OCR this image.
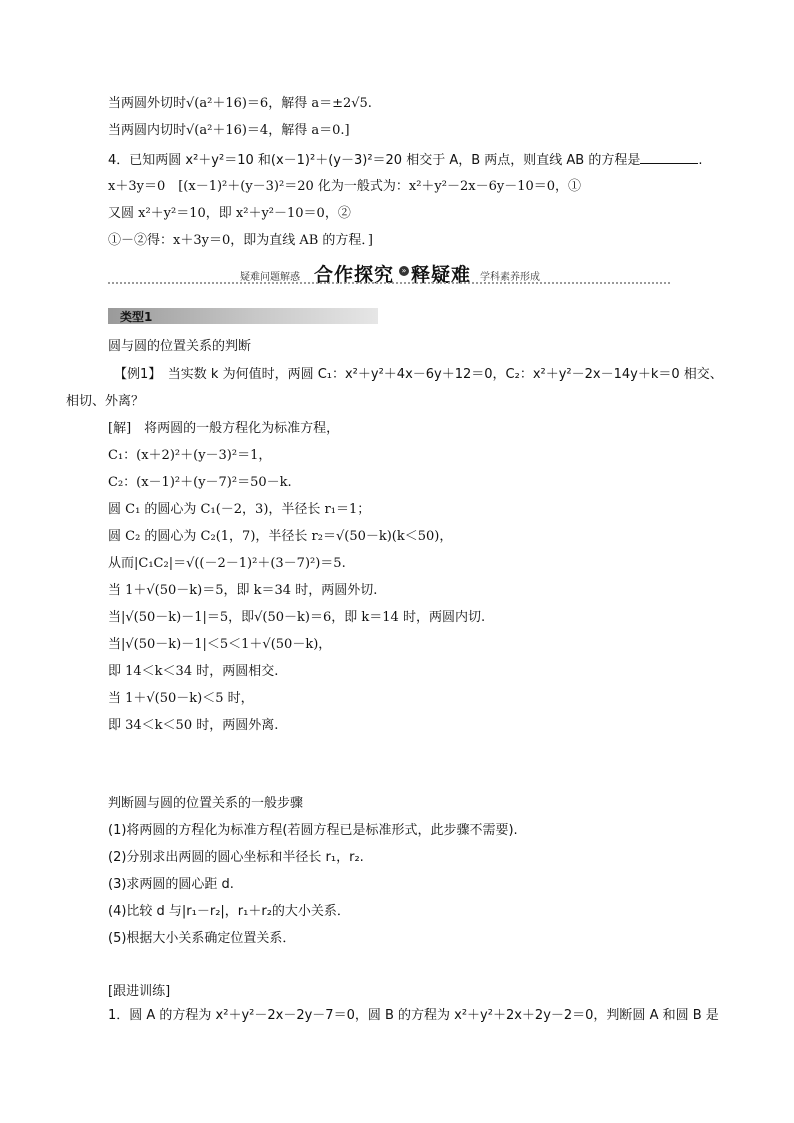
当两圆外切时√(a²＋16)＝6，解得 a＝±2√5.
当两圆内切时√(a²＋16)＝4，解得 a＝0.]
4．已知两圆 x²＋y²＝10 和(x－1)²＋(y－3)²＝20 相交于 A，B 两点，则直线 AB 的方程是	.
x＋3y＝0　[(x－1)²＋(y－3)²＝20 化为一般式为：x²＋y²－2x－6y－10＝0，①
又圆 x²＋y²＝10，即 x²＋y²－10＝0，②
①－②得：x＋3y＝0，即为直线 AB 的方程．]
疑难问题解惑 合作探究 » 释疑难 学科素养形成
类型1
圆与圆的位置关系的判断
【例1】　当实数 k 为何值时，两圆 C₁：x²＋y²＋4x－6y＋12＝0，C₂：x²＋y²－2x－14y＋k＝0 相交、
相切、外离？
[解]　将两圆的一般方程化为标准方程，
C₁：(x＋2)²＋(y－3)²＝1，
C₂：(x－1)²＋(y－7)²＝50－k.
圆 C₁ 的圆心为 C₁(－2，3)，半径长 r₁＝1；
圆 C₂ 的圆心为 C₂(1，7)，半径长 r₂＝√(50－k)(k＜50)，
从而|C₁C₂|＝√((－2－1)²＋(3－7)²)＝5.
当 1＋√(50－k)＝5，即 k＝34 时，两圆外切.
当|√(50－k)－1|＝5，即√(50－k)＝6，即 k＝14 时，两圆内切.
当|√(50－k)－1|＜5＜1＋√(50－k)，
即 14＜k＜34 时，两圆相交.
当 1＋√(50－k)＜5 时，
即 34＜k＜50 时，两圆外离.
判断圆与圆的位置关系的一般步骤
(1)将两圆的方程化为标准方程(若圆方程已是标准形式，此步骤不需要).
(2)分别求出两圆的圆心坐标和半径长 r₁，r₂.
(3)求两圆的圆心距 d.
(4)比较 d 与|r₁－r₂|，r₁＋r₂的大小关系．
(5)根据大小关系确定位置关系．
[跟进训练]
1．圆 A 的方程为 x²＋y²－2x－2y－7＝0，圆 B 的方程为 x²＋y²＋2x＋2y－2＝0，判断圆 A 和圆 B 是
